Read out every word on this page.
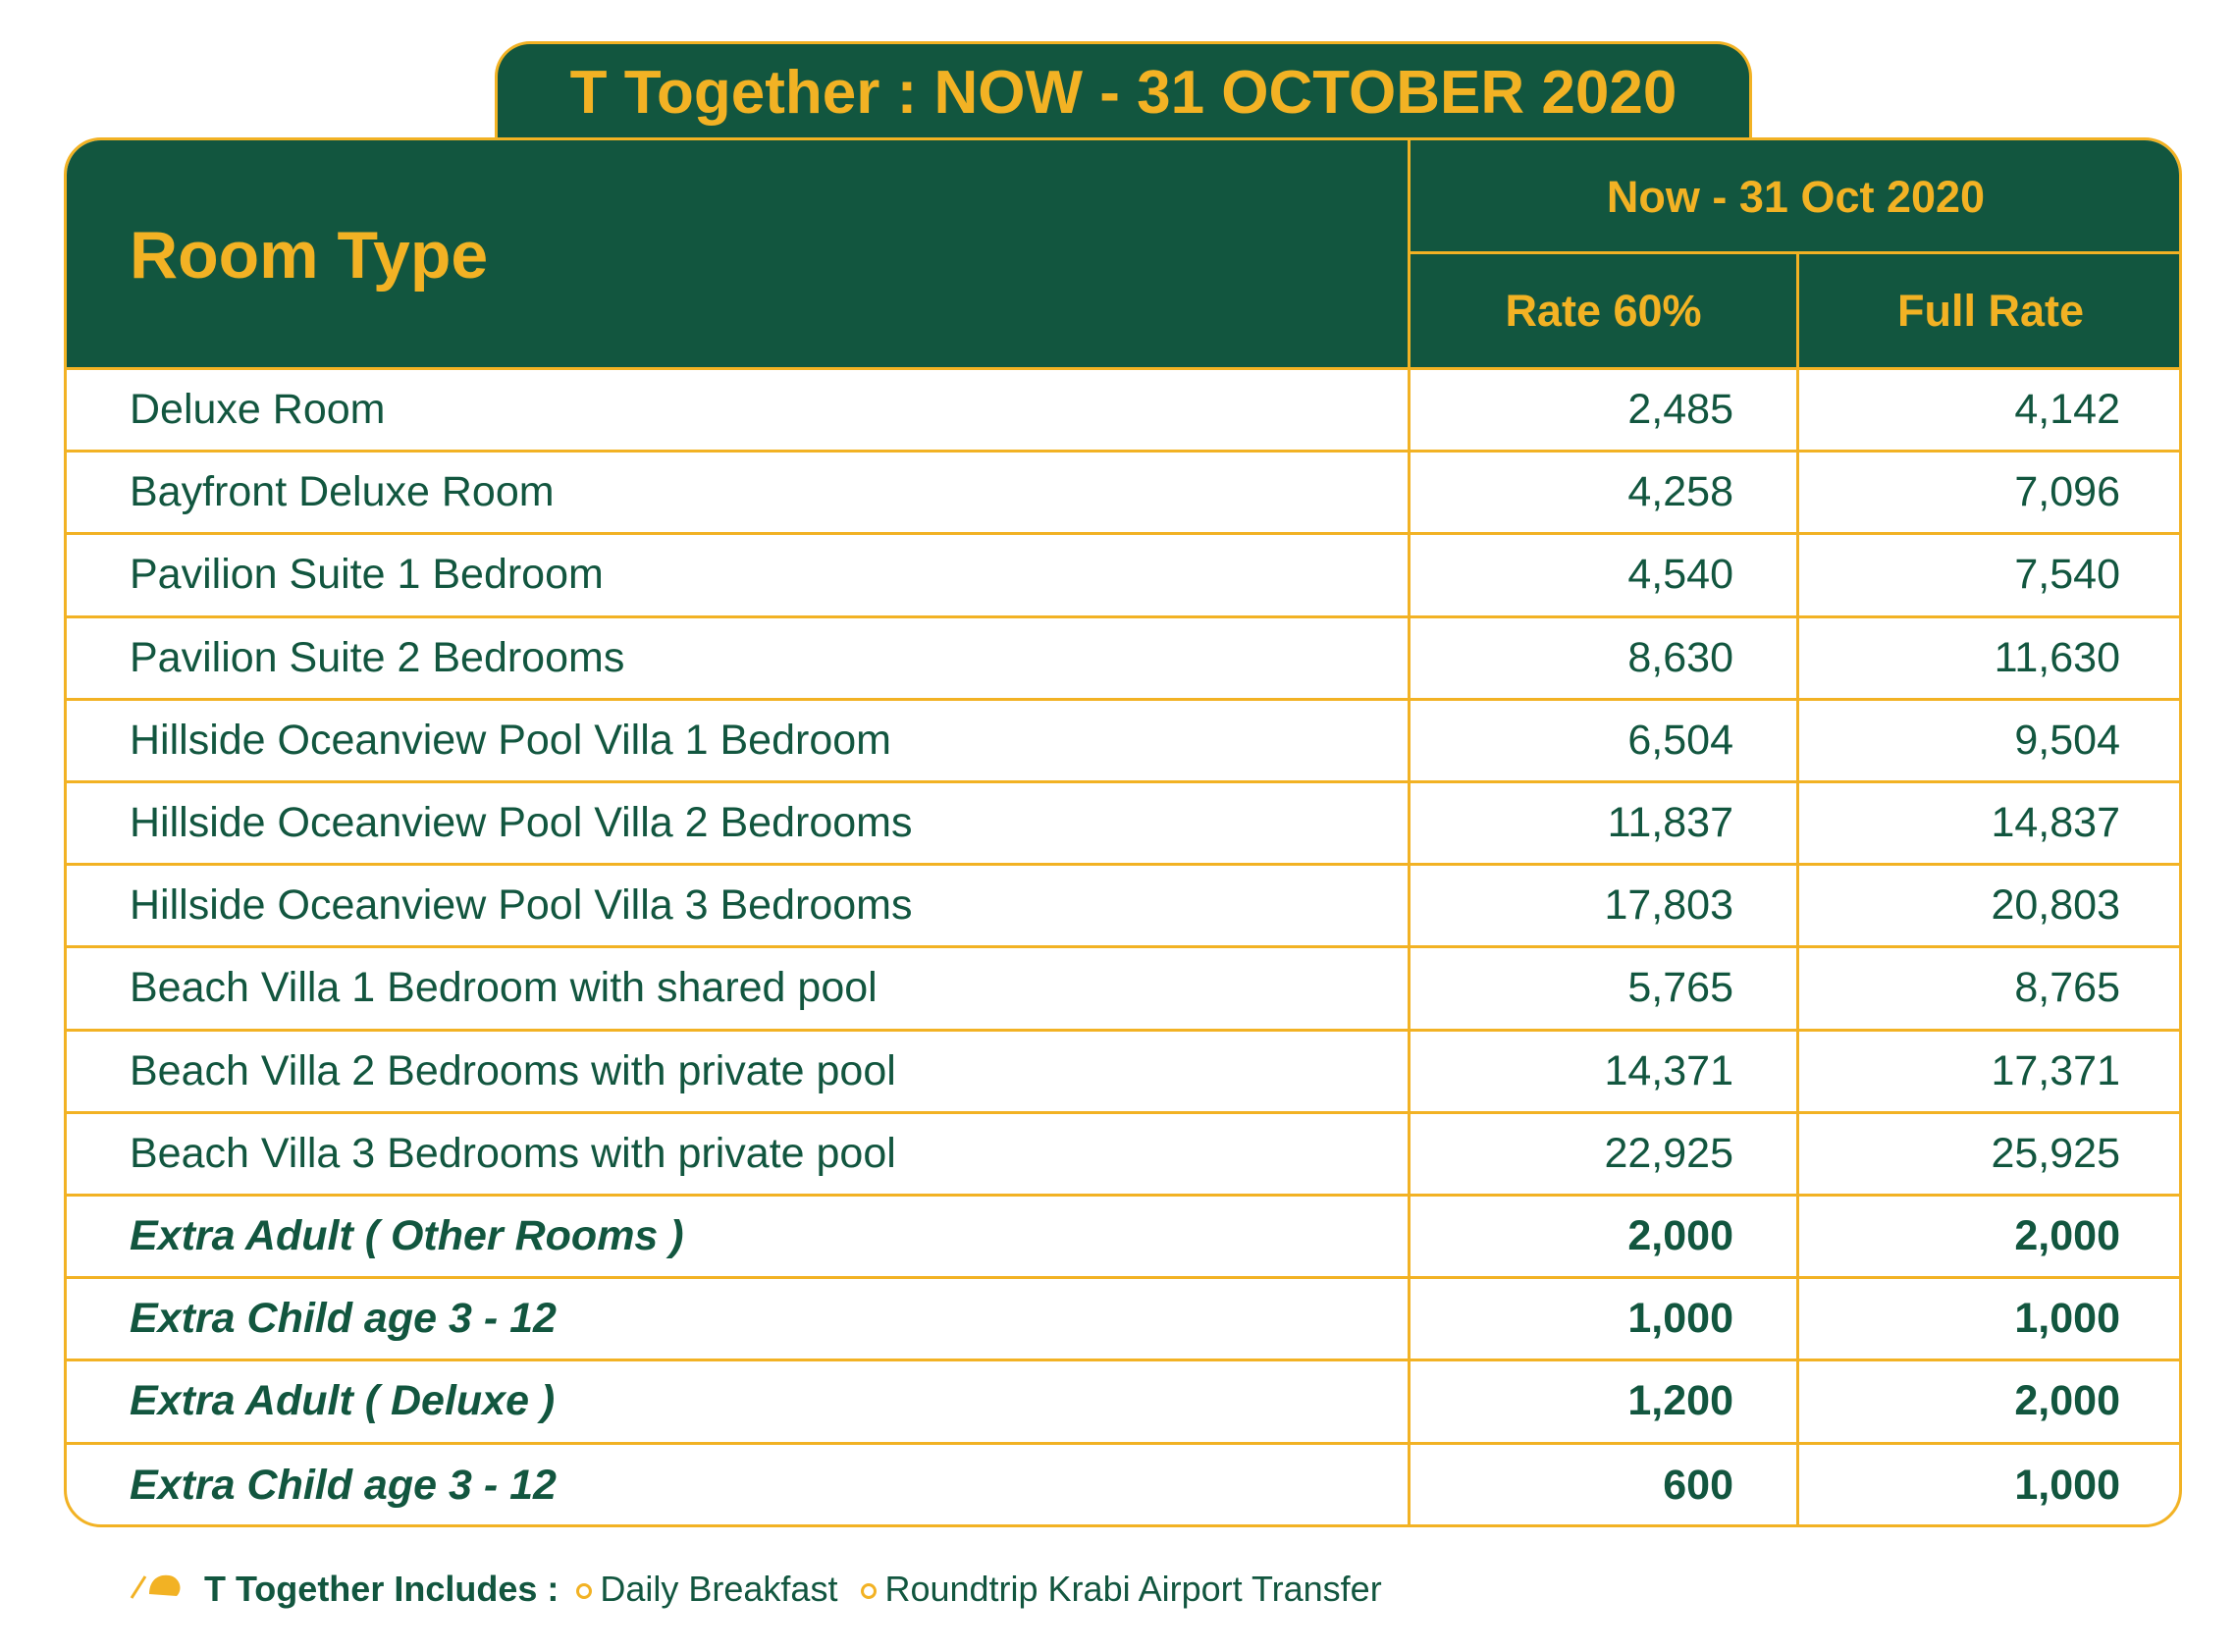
T Together : NOW - 31 OCTOBER 2020
Room Type
Now - 31 Oct 2020
Rate 60%	Full Rate
Deluxe Room	2,485	4,142
Bayfront Deluxe Room	4,258	7,096
Pavilion Suite 1 Bedroom	4,540	7,540
Pavilion Suite 2 Bedrooms	8,630	11,630
Hillside Oceanview Pool Villa 1 Bedroom	6,504	9,504
Hillside Oceanview Pool Villa 2 Bedrooms	11,837	14,837
Hillside Oceanview Pool Villa 3 Bedrooms	17,803	20,803
Beach Villa 1 Bedroom with shared pool	5,765	8,765
Beach Villa 2 Bedrooms with private pool	14,371	17,371
Beach Villa 3 Bedrooms with private pool	22,925	25,925
Extra Adult ( Other Rooms )	2,000	2,000
Extra Child age 3 - 12	1,000	1,000
Extra Adult ( Deluxe )	1,200	2,000
Extra Child age 3 - 12	600	1,000
T Together Includes : Daily Breakfast Roundtrip Krabi Airport Transfer
